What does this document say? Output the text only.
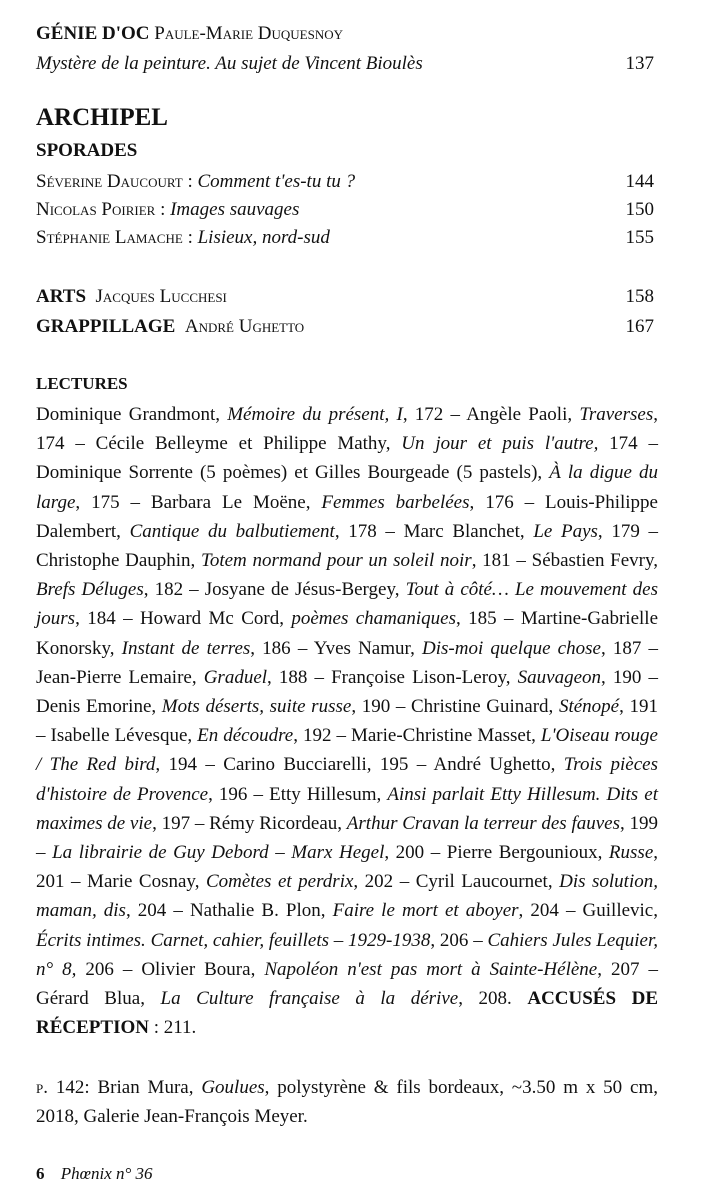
GÉNIE D'OC Paule-Marie Duquesnoy
Mystère de la peinture. Au sujet de Vincent Bioulès	137
ARCHIPEL
SPORADES
Séverine Daucourt : Comment t'es-tu tu ?	144
Nicolas Poirier : Images sauvages	150
Stéphanie Lamache : Lisieux, nord-sud	155
ARTS Jacques Lucchesi	158
GRAPPILLAGE André Ughetto	167
LECTURES
Dominique Grandmont, Mémoire du présent, I, 172 – Angèle Paoli, Traverses, 174 – Cécile Belleyme et Philippe Mathy, Un jour et puis l'autre, 174 – Dominique Sorrente (5 poèmes) et Gilles Bourgeade (5 pastels), À la digue du large, 175 – Barbara Le Moëne, Femmes barbelées, 176 – Louis-Philippe Dalembert, Cantique du balbutiement, 178 – Marc Blanchet, Le Pays, 179 – Christophe Dauphin, Totem normand pour un soleil noir, 181 – Sébastien Fevry, Brefs Déluges, 182 – Josyane de Jésus-Bergey, Tout à côté… Le mouvement des jours, 184 – Howard Mc Cord, poèmes chamaniques, 185 – Martine-Gabrielle Konorsky, Instant de terres, 186 – Yves Namur, Dis-moi quelque chose, 187 – Jean-Pierre Lemaire, Graduel, 188 – Françoise Lison-Leroy, Sauvageon, 190 – Denis Emorine, Mots déserts, suite russe, 190 – Christine Guinard, Sténopé, 191 – Isabelle Lévesque, En découdre, 192 – Marie-Christine Masset, L'Oiseau rouge / The Red bird, 194 – Carino Bucciarelli, 195 – André Ughetto, Trois pièces d'histoire de Provence, 196 – Etty Hillesum, Ainsi parlait Etty Hillesum. Dits et maximes de vie, 197 – Rémy Ricordeau, Arthur Cravan la terreur des fauves, 199 – La librairie de Guy Debord – Marx Hegel, 200 – Pierre Bergounioux, Russe, 201 – Marie Cosnay, Comètes et perdrix, 202 – Cyril Laucournet, Dis solution, maman, dis, 204 – Nathalie B. Plon, Faire le mort et aboyer, 204 – Guillevic, Écrits intimes. Carnet, cahier, feuillets – 1929-1938, 206 – Cahiers Jules Lequier, n° 8, 206 – Olivier Boura, Napoléon n'est pas mort à Sainte-Hélène, 207 – Gérard Blua, La Culture française à la dérive, 208. ACCUSÉS DE RÉCEPTION : 211.
p. 142: Brian Mura, Goulues, polystyrène & fils bordeaux, ~3.50 m x 50 cm, 2018, Galerie Jean-François Meyer.
6 Phœnix n° 36
